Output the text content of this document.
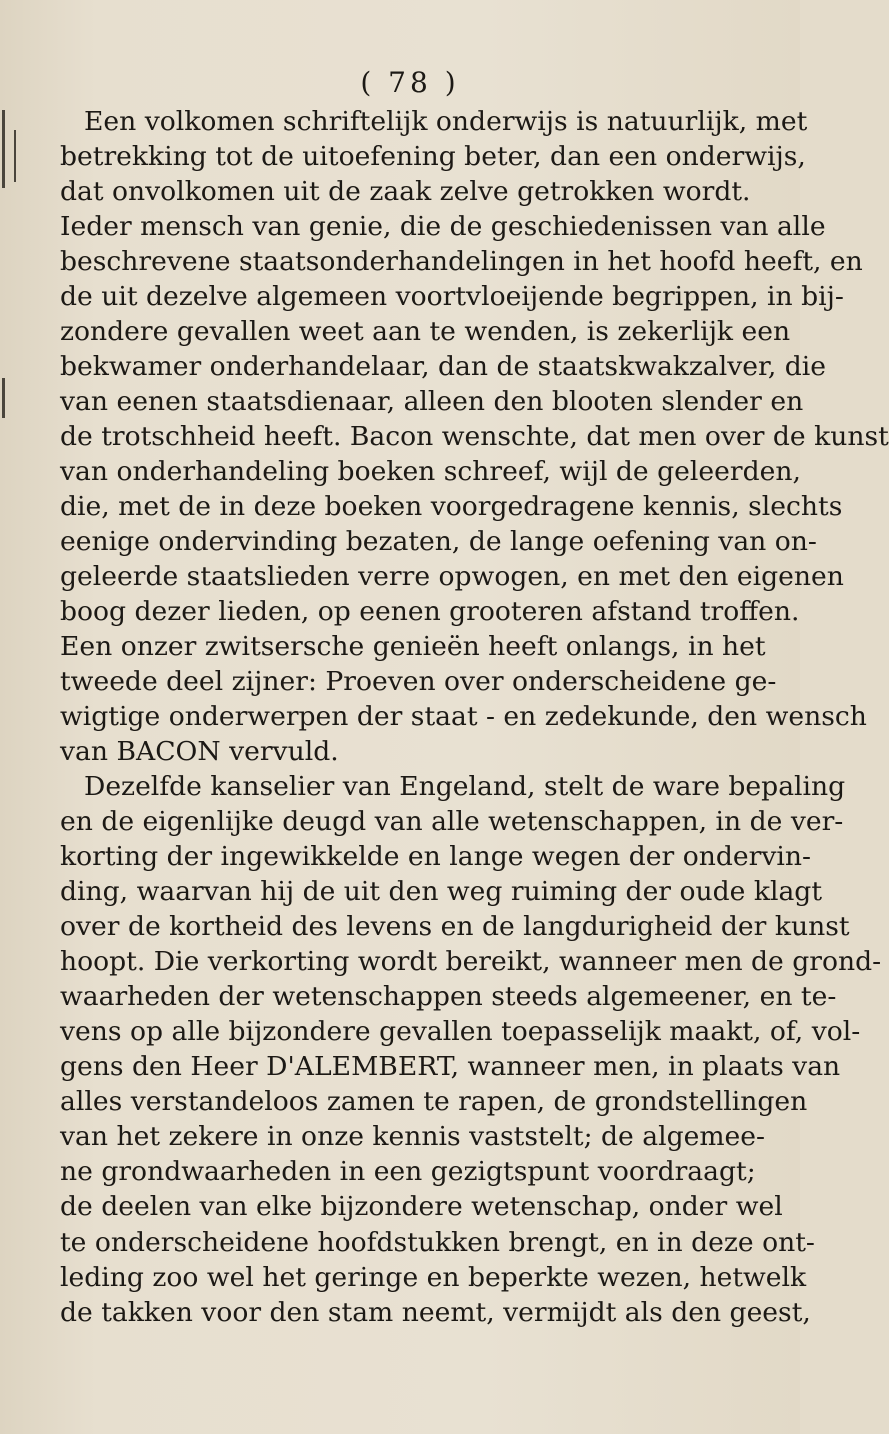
( 78 )
Een volkomen schriftelijk onderwijs is natuurlijk, met
betrekking tot de uitoefening beter, dan een onderwijs,
dat onvolkomen uit de zaak zelve getrokken wordt.
Ieder mensch van genie, die de geschiedenissen van alle
beschrevene staatsonderhandelingen in het hoofd heeft, en
de uit dezelve algemeen voortvloeijende begrippen, in bij-
zondere gevallen weet aan te wenden, is zekerlijk een
bekwamer onderhandelaar, dan de staatskwakzalver, die
van eenen staatsdienaar, alleen den blooten slender en
de trotschheid heeft. Bacon wenschte, dat men over de kunst
van onderhandeling boeken schreef, wijl de geleerden,
die, met de in deze boeken voorgedragene kennis, slechts
eenige ondervinding bezaten, de lange oefening van on-
geleerde staatslieden verre opwogen, en met den eigenen
boog dezer lieden, op eenen grooteren afstand troffen.
Een onzer zwitsersche genieën heeft onlangs, in het
tweede deel zijner: Proeven over onderscheidene ge-
wigtige onderwerpen der staat - en zedekunde, den wensch
van BACON vervuld.
Dezelfde kanselier van Engeland, stelt de ware bepaling
en de eigenlijke deugd van alle wetenschappen, in de ver-
korting der ingewikkelde en lange wegen der ondervin-
ding, waarvan hij de uit den weg ruiming der oude klagt
over de kortheid des levens en de langdurigheid der kunst
hoopt. Die verkorting wordt bereikt, wanneer men de grond-
waarheden der wetenschappen steeds algemeener, en te-
vens op alle bijzondere gevallen toepasselijk maakt, of, vol-
gens den Heer D'ALEMBERT, wanneer men, in plaats van
alles verstandeloos zamen te rapen, de grondstellingen
van het zekere in onze kennis vaststelt; de algemee-
ne grondwaarheden in een gezigtspunt voordraagt;
de deelen van elke bijzondere wetenschap, onder wel
te onderscheidene hoofdstukken brengt, en in deze ont-
leding zoo wel het geringe en beperkte wezen, hetwelk
de takken voor den stam neemt, vermijdt als den geest,
